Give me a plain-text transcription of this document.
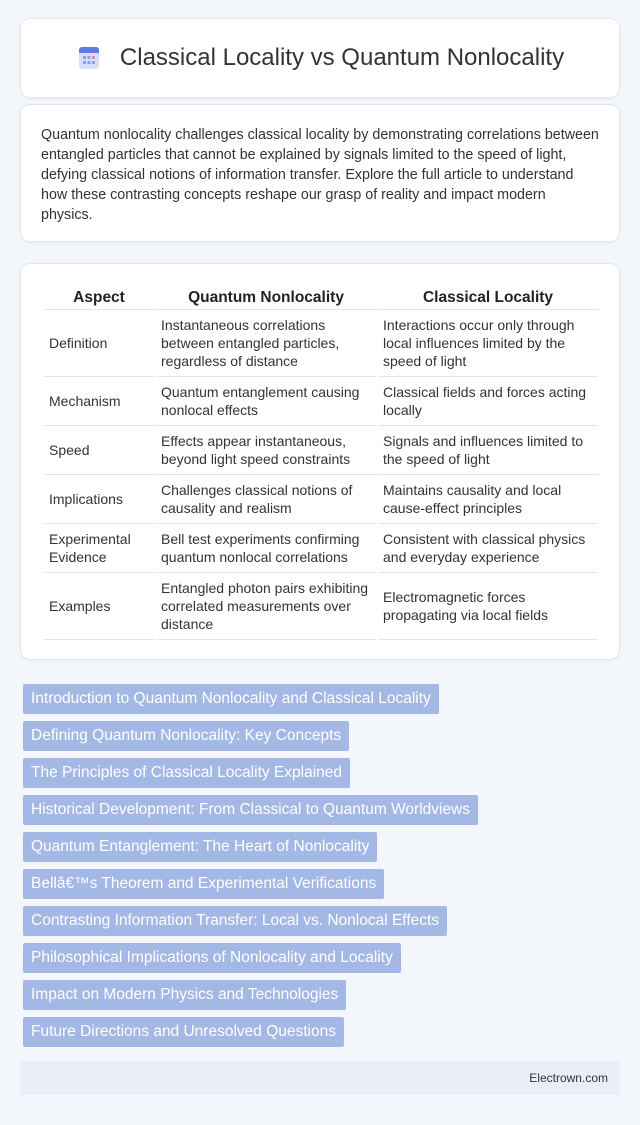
Classical Locality vs Quantum Nonlocality

Quantum nonlocality challenges classical locality by demonstrating correlations between entangled particles that cannot be explained by signals limited to the speed of light, defying classical notions of information transfer. Explore the full article to understand how these contrasting concepts reshape our grasp of reality and impact modern physics.

Aspect	Quantum Nonlocality	Classical Locality
Definition	Instantaneous correlations between entangled particles, regardless of distance	Interactions occur only through local influences limited by the speed of light
Mechanism	Quantum entanglement causing nonlocal effects	Classical fields and forces acting locally
Speed	Effects appear instantaneous, beyond light speed constraints	Signals and influences limited to the speed of light
Implications	Challenges classical notions of causality and realism	Maintains causality and local cause-effect principles
Experimental Evidence	Bell test experiments confirming quantum nonlocal correlations	Consistent with classical physics and everyday experience
Examples	Entangled photon pairs exhibiting correlated measurements over distance	Electromagnetic forces propagating via local fields
Introduction to Quantum Nonlocality and Classical Locality
Defining Quantum Nonlocality: Key Concepts
The Principles of Classical Locality Explained
Historical Development: From Classical to Quantum Worldviews
Quantum Entanglement: The Heart of Nonlocality
Bellâ€™s Theorem and Experimental Verifications
Contrasting Information Transfer: Local vs. Nonlocal Effects
Philosophical Implications of Nonlocality and Locality
Impact on Modern Physics and Technologies
Future Directions and Unresolved Questions
Electrown.com
